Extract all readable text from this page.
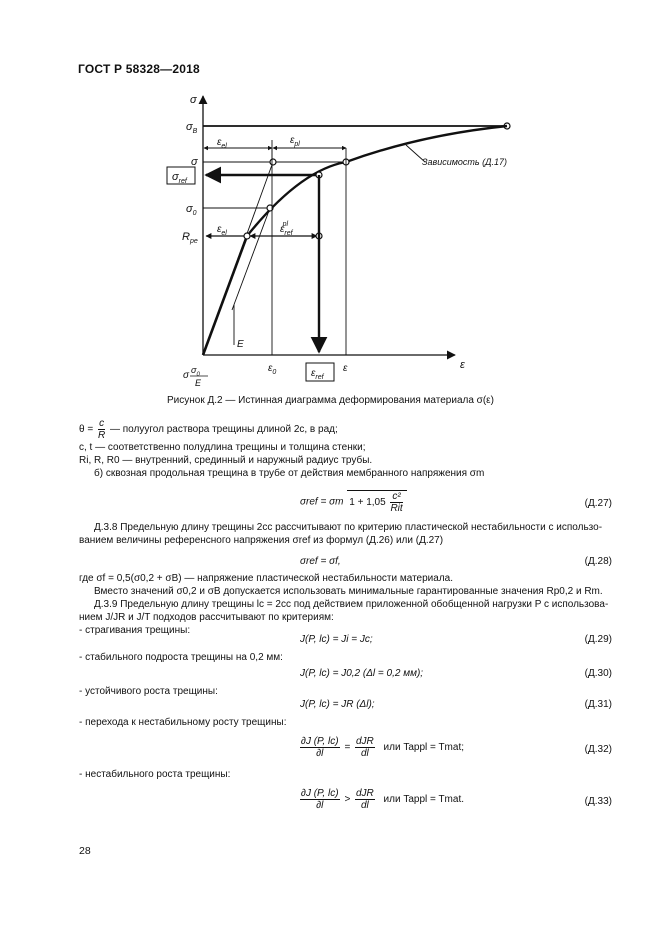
ГОСТ Р 58328—2018
σ
ε
E
Зависимость (Д.17)
$\sigma_B$
σ
$\sigma_{ref}$
$\sigma_0$
$R_{pe}$
$\varepsilon_{el}$
$\varepsilon_{pl}$
$\varepsilon_{el}$	$\varepsilon_{ref}pl$
σ $\sigma_0$
E
$\varepsilon_0$	$\varepsilon_{ref}$
ε
Рисунок Д.2 — Истинная диаграмма деформирования материала σ(ε)
$\theta = \frac{c}{R}$ — полуугол раствора трещины длиной 2c, в рад;
c, t — соответственно полудлина трещины и толщина стенки;
Ri, R, R0 — внутренний, срединный и наружный радиус трубы.
б) сквозная продольная трещина в трубе от действия мембранного напряжения σm
σref = σm $1 + 1,05 \frac{\text{c²}}{\text{Rit}}$	(Д.27)
Д.3.8 Предельную длину трещины 2cc рассчитывают по критерию пластической нестабильности с использо-
ванием величины референсного напряжения σref из формул (Д.26) или (Д.27)
σref = σf,	(Д.28)
где σf = 0,5(σ0,2 + σB) — напряжение пластической нестабильности материала.
Вместо значений σ0,2 и σB допускается использовать минимальные гарантированные значения Rp0,2 и Rm.
Д.3.9 Предельную длину трещины lc = 2cc под действием приложенной обобщенной нагрузки P с использова-
нием J/JR и J/T подходов рассчитывают по критериям:
- страгивания трещины:
J(P, lc) = Ji = Jc;	(Д.29)
- стабильного подроста трещины на 0,2 мм:
J(P, lc) = J0,2 (Δl = 0,2 мм);	(Д.30)
- устойчивого роста трещины:
J(P, lc) = JR (Δl);	(Д.31)
- перехода к нестабильному росту трещины:
$\frac{\partial J (P, lc)}{\partial l} = \frac{\text{dJR}}{dl}$ или Tappl = Tmat;	(Д.32)
- нестабильного роста трещины:
$\frac{\partial J (P, lc)}{\partial l} > \frac{\text{dJR}}{dl}$ или Tappl = Tmat.	(Д.33)
28
